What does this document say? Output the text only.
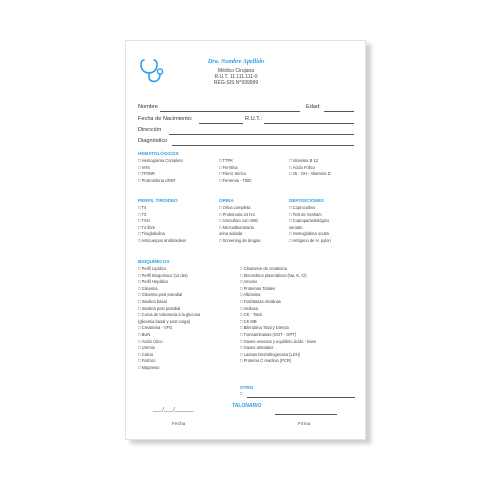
Dra. Nombre Apellido
Médico Cirujana
R.U.T. 11.111.111-0
REG-SIS N°999999
Nombre	Edad:
Fecha de Nacimiento:	R.U.T.:
Dirección
Diagnóstico
HEMATOLÓGICOS
□ Hemograma Completo
□ VHS
□ TP/INR
□ Protrombina c/INR
□ TTPK
□ Ferritina
□ Fierro Sérico
□ Ferremia - TIBC
□ Vitamina B 12
□ Ácido Fólico
□ 25 - OH - Vitamina D
PERFIL TIROIDEO
□ T4
□ T3
□ TSH
□ T4 libre
□ Tiroglobulina
□ Anticuerpos antitiroideos
ORINA
□ Orina completa
□ Proteinuria 24 hrs
□ Urocultivo con ABG
□ Microalbuminuria
orina aislada
□ Screening de drogas
DEPOSICIONES
□ Coprocultivo
□ Test de Graham
□ Coproparasitológico
seriado
□ Hemoglobina oculta
□ Antígeno de H. pylori
BIOQUÍMICOS
□ Perfil Lipídico
□ Perfil Bioquímico (13 det)
□ Perfil Hepático
□ Glicemia
□ Glicemia post prandial
□ Insulina basal
□ Insulina post prandial
□ Curva de tolerancia a la glucosa
(glicemia basal y post carga)
□ Creatinina - VFG
□ BUN
□ Ácido Úrico
□ Uremia
□ Calcio
□ Fósforo
□ Magnesio
□ Clearance de creatinina
□ Electrolitos plasmáticos (Na, K, Cl)
□ Amonio
□ Proteínas Totales
□ Albúmina
□ Fosfatasas Alcalinas
□ Amilasa
□ CK - Total
□ CK MB
□ Bilirrubina Total y Directa
□ Transaminasas (GOT - GPT)
□ Gases venosos y equilibrio ácido - base
□ Gases arteriales
□ Lactato Deshidrogenasa (LDH)
□ Proteína C reactiva (PCR)
OTRO
□
___/___/______
Fecha
TALONARIO
Firma
